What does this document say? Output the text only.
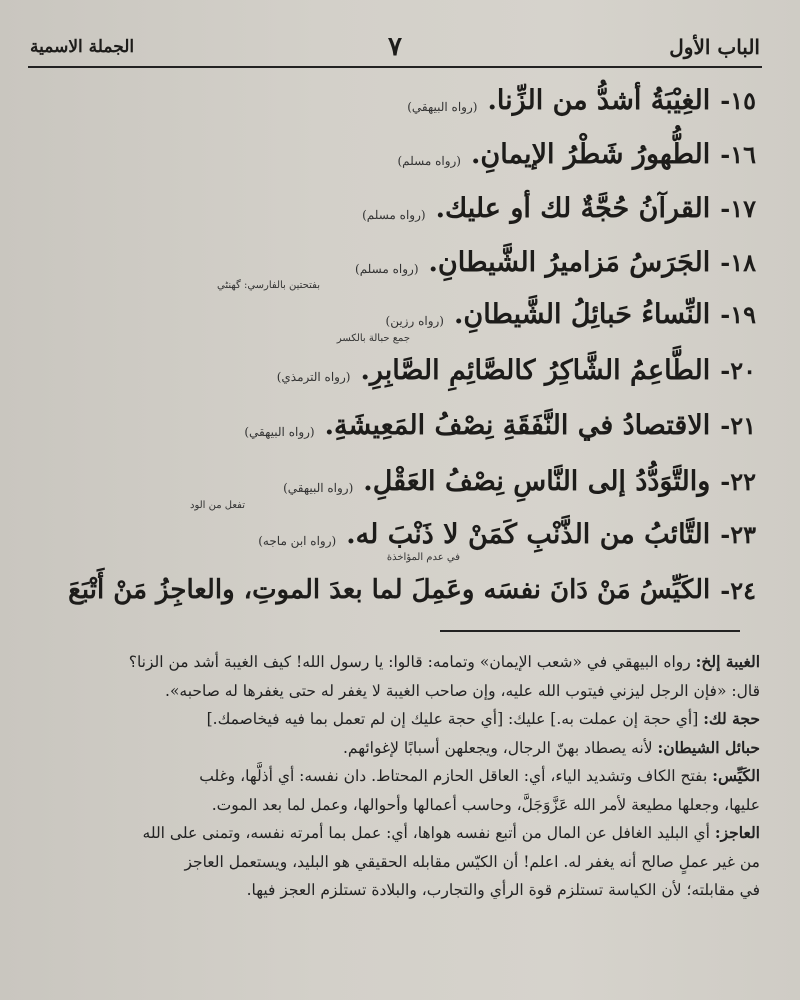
الباب الأول
٧
الجملة الاسمية
١٥-
الغِيْبَةُ أشدُّ من الزِّنا.
(رواه البيهقي)
١٦-
الطُّهورُ شَطْرُ الإيمانِ.
(رواه مسلم)
١٧-
القرآنُ حُجَّةٌ لك أو عليك.
(رواه مسلم)
١٨-
الجَرَسُ مَزاميرُ الشَّيطانِ.
(رواه مسلم)
بفتحتين بالفارسي: گهنٹي
١٩-
النِّساءُ حَبائِلُ الشَّيطانِ.
(رواه رزين)
جمع حبالة بالكسر
٢٠-
الطَّاعِمُ الشَّاكِرُ كالصَّائِمِ الصَّابِرِ.
(رواه الترمذي)
٢١-
الاقتصادُ في النَّفَقَةِ نِصْفُ المَعِيشَةِ.
(رواه البيهقي)
٢٢-
والتَّوَدُّدُ إلى النَّاسِ نِصْفُ العَقْلِ.
(رواه البيهقي)
تفعل من الود
٢٣-
التَّائبُ من الذَّنْبِ كَمَنْ لا ذَنْبَ له.
(رواه ابن ماجه)
في عدم المؤاخذة
٢٤-
الكَيِّسُ مَنْ دَانَ نفسَه وعَمِلَ لما بعدَ الموتِ، والعاجِزُ مَنْ أَتْبَعَ

الغيبة إلخ: رواه البيهقي في «شعب الإيمان» وتمامه: قالوا: يا رسول الله! كيف الغيبة أشد من الزنا؟

قال: «فإن الرجل ليزني فيتوب الله عليه، وإن صاحب الغيبة لا يغفر له حتى يغفرها له صاحبه».

حجة لك: [أي حجة إن عملت به.] عليك: [أي حجة عليك إن لم تعمل بما فيه فيخاصمك.]

حبائل الشيطان: لأنه يصطاد بهنّ الرجال، ويجعلهن أسبابًا لإغوائهم.

الكَيِّس: بفتح الكاف وتشديد الياء، أي: العاقل الحازم المحتاط. دان نفسه: أي أذلَّها، وغلب

عليها، وجعلها مطيعة لأمر الله عَزَّوَجَلَّ، وحاسب أعمالها وأحوالها، وعمل لما بعد الموت.

العاجز: أي البليد الغافل عن المال من أتبع نفسه هواها، أي: عمل بما أمرته نفسه، وتمنى على الله

من غير عملٍ صالح أنه يغفر له. اعلم! أن الكيّس مقابله الحقيقي هو البليد، ويستعمل العاجز

في مقابلته؛ لأن الكياسة تستلزم قوة الرأي والتجارب، والبلادة تستلزم العجز فيها.
